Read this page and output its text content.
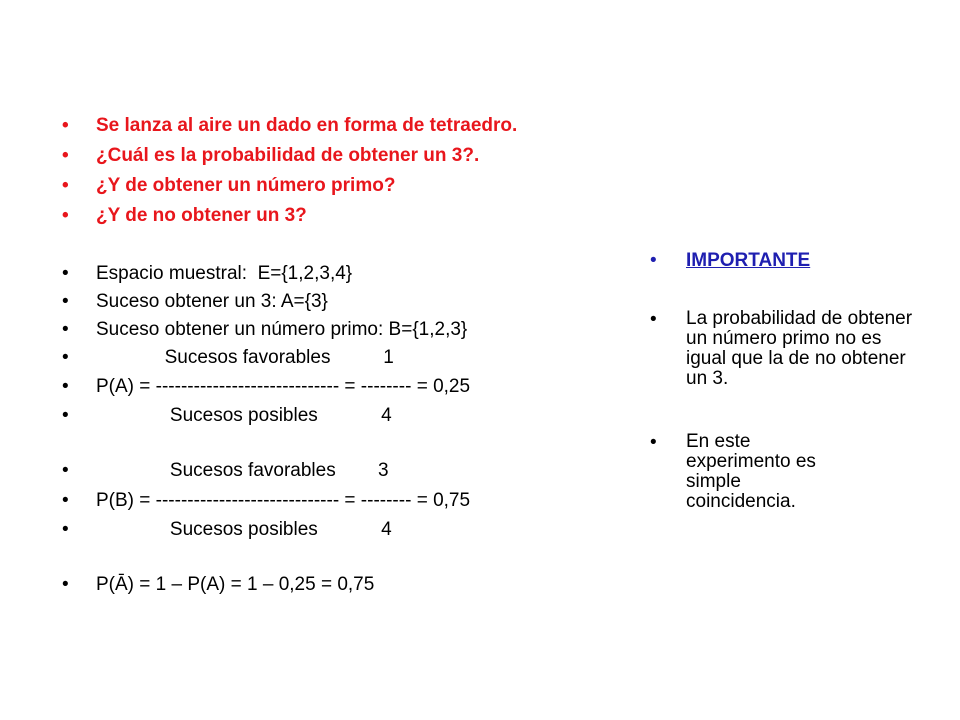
• Se lanza al aire un dado en forma de tetraedro.
• ¿Cuál es la probabilidad de obtener un 3?.
• ¿Y de obtener un número primo?
• ¿Y de no obtener un 3?
• Espacio muestral:  E={1,2,3,4}
• Suceso obtener un 3: A={3}
• Suceso obtener un número primo: B={1,2,3}
• Sucesos favorables          1
• P(A) = ----------------------------- = -------- = 0,25
• Sucesos posibles            4
• Sucesos favorables        3
• P(B) = ----------------------------- = -------- = 0,75
• Sucesos posibles            4
• P(Ā) = 1 – P(A) = 1 – 0,25 = 0,75
• IMPORTANTE
• La probabilidad de obtener un número primo no es igual que la de no obtener un 3.
• En este experimento es simple coincidencia.
